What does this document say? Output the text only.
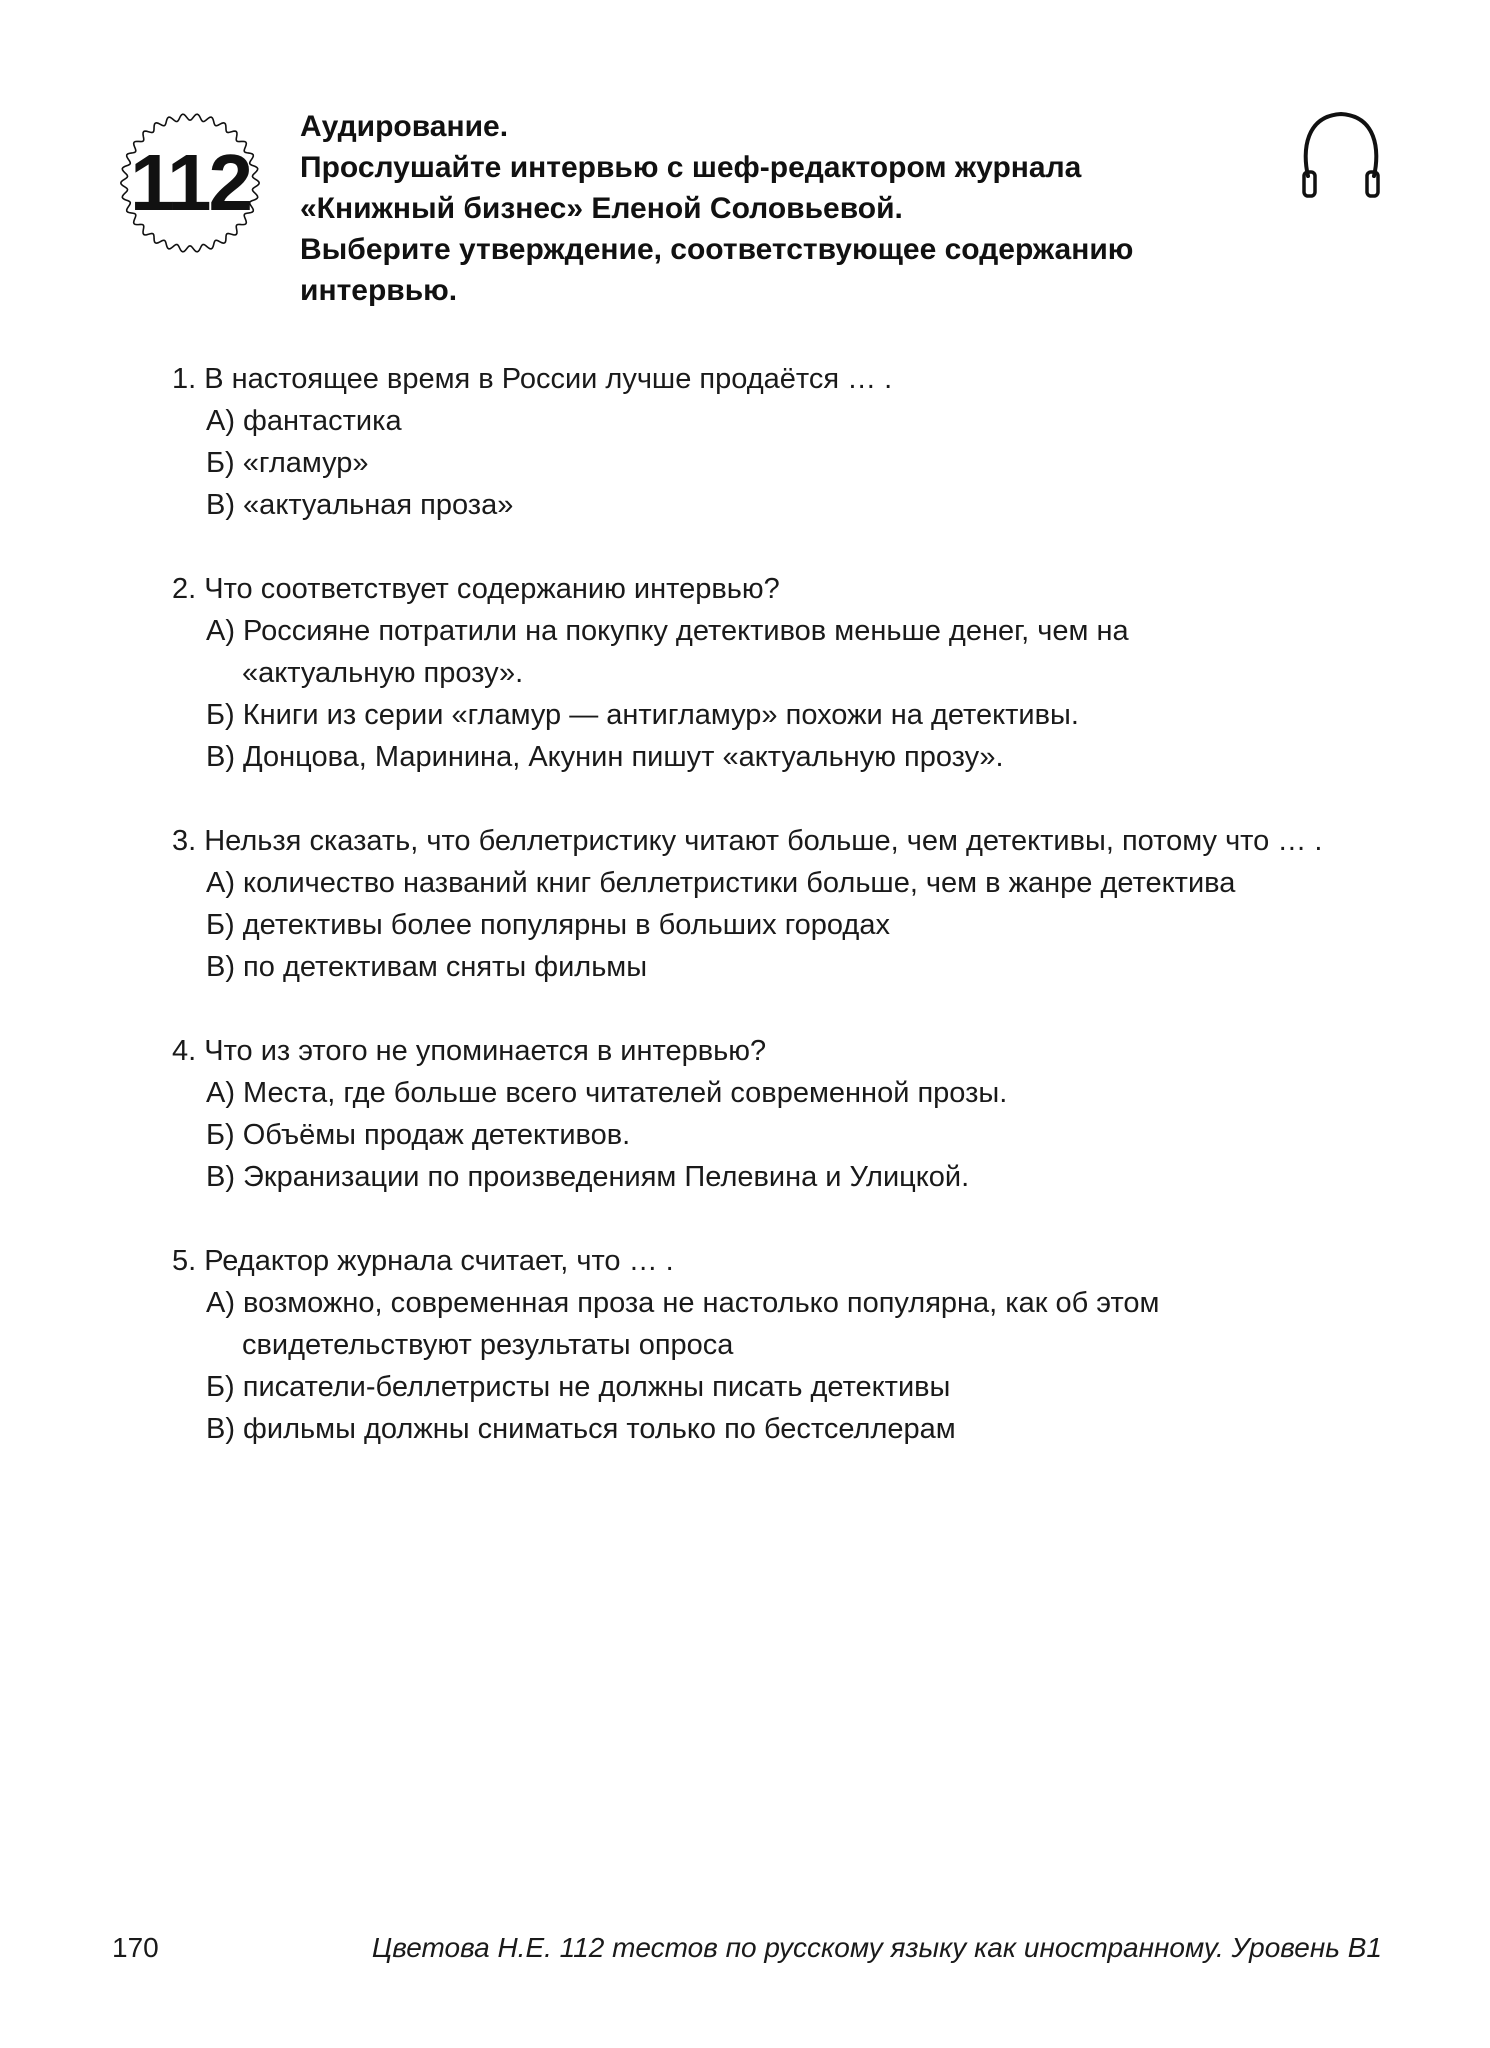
112
Аудирование.
Прослушайте интервью с шеф-редактором журнала
«Книжный бизнес» Еленой Соловьевой.
Выберите утверждение, соответствующее содержанию
интервью.
1. В настоящее время в России лучше продаётся … .
А) фантастика
Б) «гламур»
В) «актуальная проза»
2. Что соответствует содержанию интервью?
А) Россияне потратили на покупку детективов меньше денег, чем на
«актуальную прозу».
Б) Книги из серии «гламур — антигламур» похожи на детективы.
В) Донцова, Маринина, Акунин пишут «актуальную прозу».
3. Нельзя сказать, что беллетристику читают больше, чем детективы, потому что … .
А) количество названий книг беллетристики больше, чем в жанре детектива
Б) детективы более популярны в больших городах
В) по детективам сняты фильмы
4. Что из этого не упоминается в интервью?
А) Места, где больше всего читателей современной прозы.
Б) Объёмы продаж детективов.
В) Экранизации по произведениям Пелевина и Улицкой.
5. Редактор журнала считает, что … .
А) возможно, современная проза не настолько популярна, как об этом
свидетельствуют результаты опроса
Б) писатели-беллетристы не должны писать детективы
В) фильмы должны сниматься только по бестселлерам
170	Цветова Н.Е. 112 тестов по русскому языку как иностранному. Уровень В1
